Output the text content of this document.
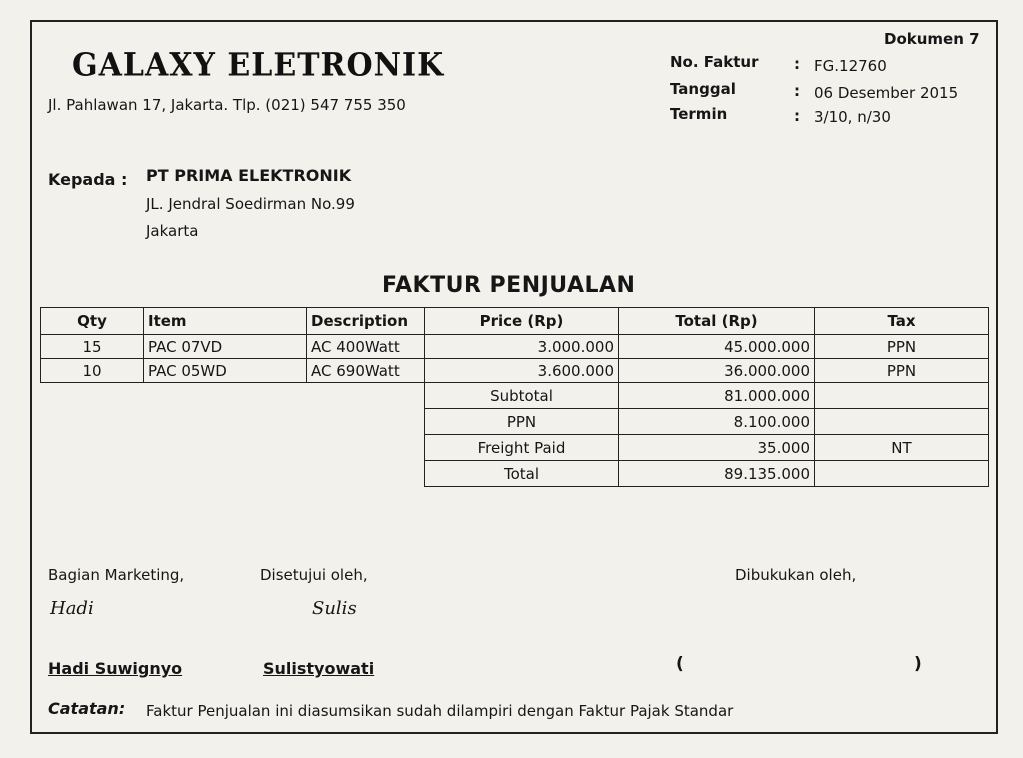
GALAXY ELETRONIK
Jl. Pahlawan 17, Jakarta. Tlp. (021) 547 755 350
Dokumen 7
No. Faktur : FG.12760
Tanggal	: 06 Desember 2015
Termin	: 3/10, n/30
Kepada : PT PRIMA ELEKTRONIK
JL. Jendral Soedirman No.99
Jakarta
FAKTUR PENJUALAN
Qty	Item	Description	Price (Rp)	Total (Rp)	Tax
15	PAC 07VD	AC 400Watt	3.000.000	45.000.000	PPN
10	PAC 05WD	AC 690Watt	3.600.000	36.000.000	PPN
			Subtotal	81.000.000	
			PPN	8.100.000	
			Freight Paid	35.000	NT
			Total	89.135.000	
Bagian Marketing,
Hadi
Hadi Suwignyo
Disetujui oleh,
Sulis
Sulistyowati
Dibukukan oleh,
(	)
Catatan: Faktur Penjualan ini diasumsikan sudah dilampiri dengan Faktur Pajak Standar
